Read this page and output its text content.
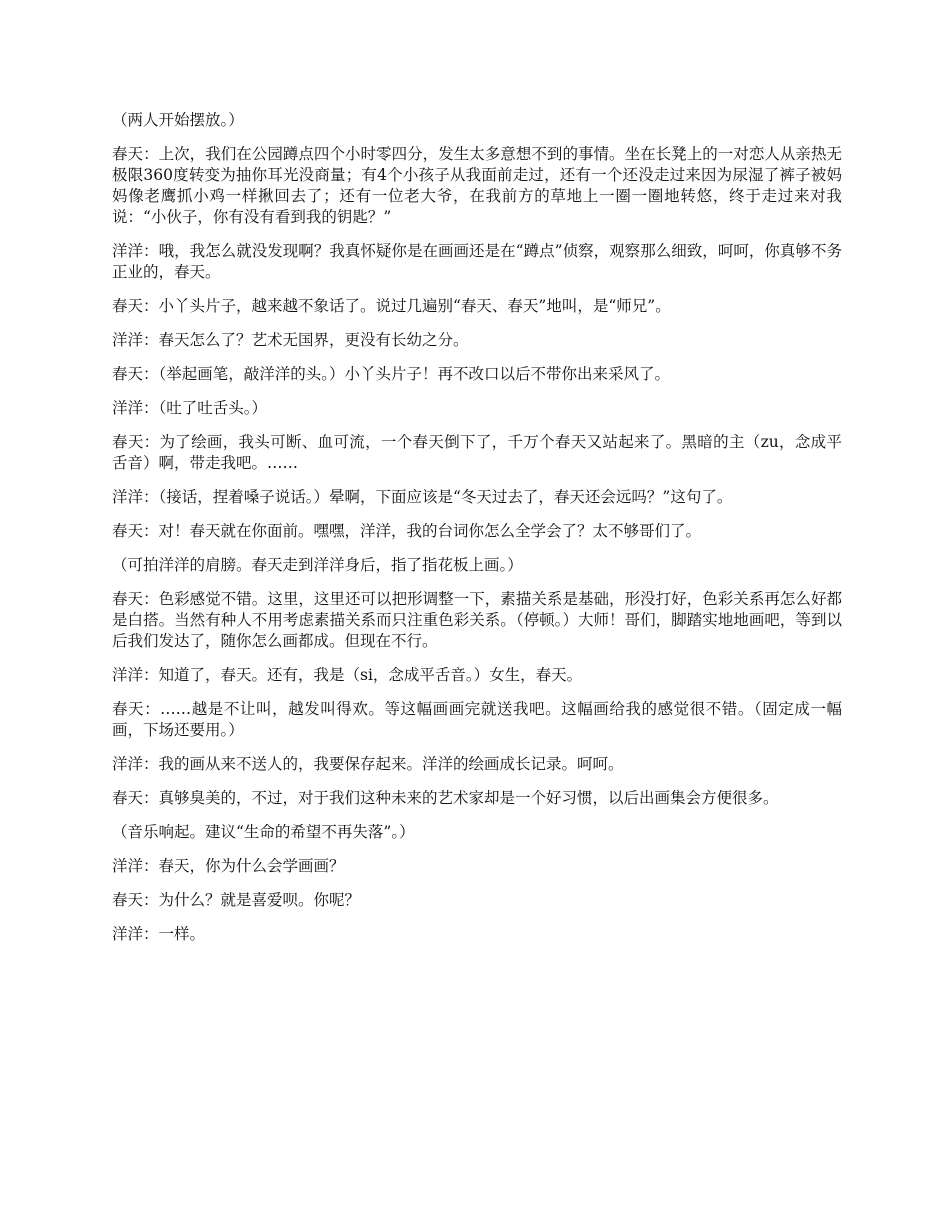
（两人开始摆放。）

春天：上次，我们在公园蹲点四个小时零四分，发生太多意想不到的事情。坐在长凳上的一对恋人从亲热无极限360度转变为抽你耳光没商量；有4个小孩子从我面前走过，还有一个还没走过来因为尿湿了裤子被妈妈像老鹰抓小鸡一样揪回去了；还有一位老大爷，在我前方的草地上一圈一圈地转悠，终于走过来对我说：“小伙子，你有没有看到我的钥匙？”

洋洋：哦，我怎么就没发现啊？我真怀疑你是在画画还是在“蹲点”侦察，观察那么细致，呵呵，你真够不务正业的，春天。

春天：小丫头片子，越来越不象话了。说过几遍别“春天、春天”地叫，是“师兄”。

洋洋：春天怎么了？艺术无国界，更没有长幼之分。

春天：（举起画笔，敲洋洋的头。）小丫头片子！再不改口以后不带你出来采风了。

洋洋：（吐了吐舌头。）

春天：为了绘画，我头可断、血可流，一个春天倒下了，千万个春天又站起来了。黑暗的主（zu，念成平舌音）啊，带走我吧。……

洋洋：（接话，捏着嗓子说话。）晕啊，下面应该是“冬天过去了，春天还会远吗？”这句了。

春天：对！春天就在你面前。嘿嘿，洋洋，我的台词你怎么全学会了？太不够哥们了。

（可拍洋洋的肩膀。春天走到洋洋身后，指了指花板上画。）

春天：色彩感觉不错。这里，这里还可以把形调整一下，素描关系是基础，形没打好，色彩关系再怎么好都是白搭。当然有种人不用考虑素描关系而只注重色彩关系。（停顿。）大师！哥们，脚踏实地地画吧，等到以后我们发达了，随你怎么画都成。但现在不行。

洋洋：知道了，春天。还有，我是（si，念成平舌音。）女生，春天。

春天：……越是不让叫，越发叫得欢。等这幅画画完就送我吧。这幅画给我的感觉很不错。（固定成一幅画，下场还要用。）

洋洋：我的画从来不送人的，我要保存起来。洋洋的绘画成长记录。呵呵。

春天：真够臭美的，不过，对于我们这种未来的艺术家却是一个好习惯，以后出画集会方便很多。

（音乐响起。建议“生命的希望不再失落”。）

洋洋：春天，你为什么会学画画？

春天：为什么？就是喜爱呗。你呢？

洋洋：一样。
